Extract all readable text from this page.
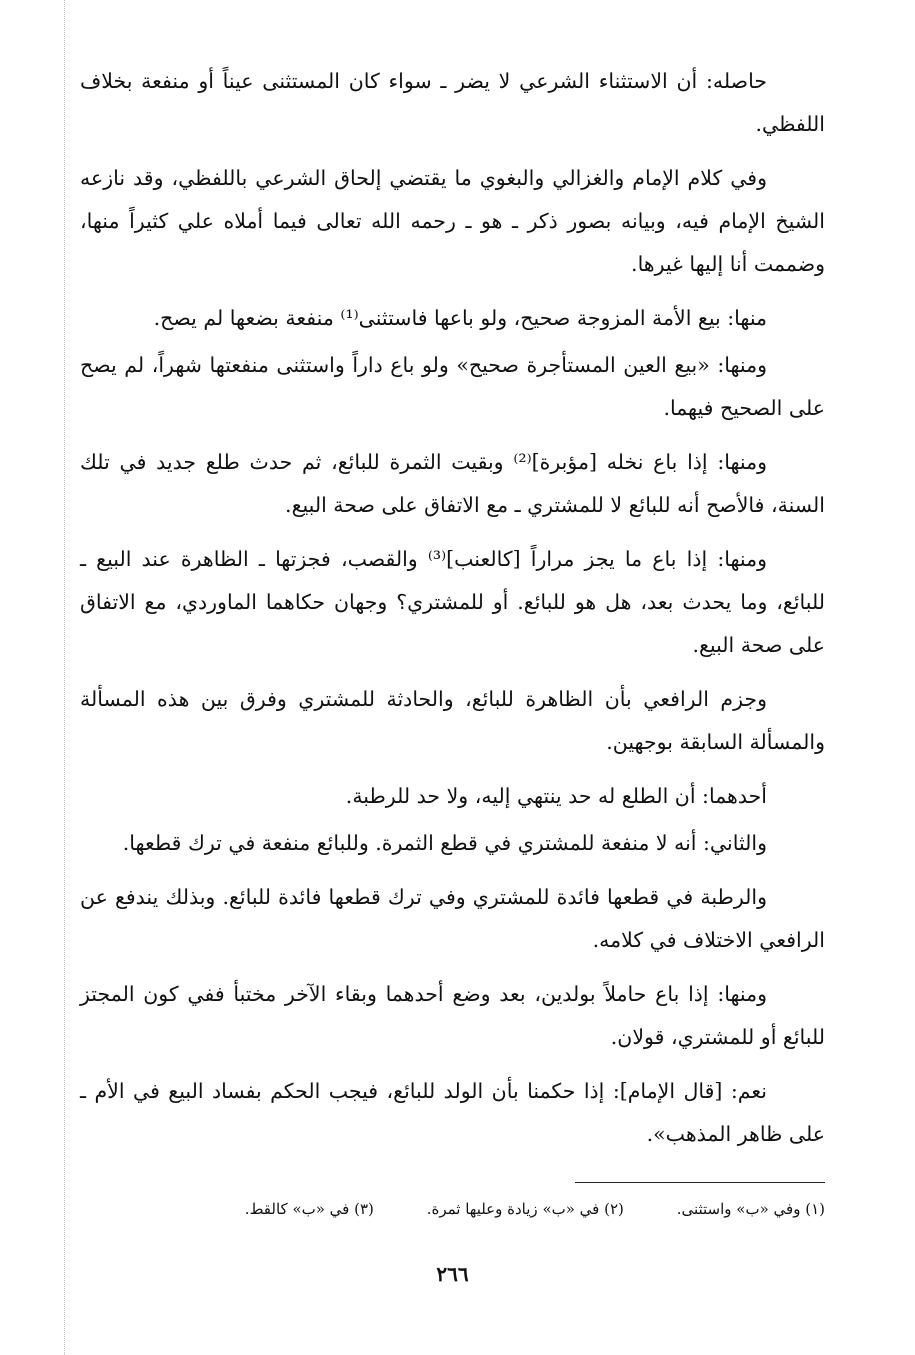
حاصله: أن الاستثناء الشرعي لا يضر ـ سواء كان المستثنى عيناً أو منفعة بخلاف اللفظي.

وفي كلام الإمام والغزالي والبغوي ما يقتضي إلحاق الشرعي باللفظي، وقد نازعه الشيخ الإمام فيه، وبيانه بصور ذكر ـ هو ـ رحمه الله تعالى فيما أملاه علي كثيراً منها، وضممت أنا إليها غيرها.

منها: بيع الأمة المزوجة صحيح، ولو باعها فاستثنى⁽¹⁾ منفعة بضعها لم يصح.

ومنها: «بيع العين المستأجرة صحيح» ولو باع داراً واستثنى منفعتها شهراً، لم يصح على الصحيح فيهما.

ومنها: إذا باع نخله [مؤبرة]⁽²⁾ وبقيت الثمرة للبائع، ثم حدث طلع جديد في تلك السنة، فالأصح أنه للبائع لا للمشتري ـ مع الاتفاق على صحة البيع.

ومنها: إذا باع ما يجز مراراً [كالعنب]⁽³⁾ والقصب، فجزتها ـ الظاهرة عند البيع ـ للبائع، وما يحدث بعد، هل هو للبائع. أو للمشتري؟ وجهان حكاهما الماوردي، مع الاتفاق على صحة البيع.

وجزم الرافعي بأن الظاهرة للبائع، والحادثة للمشتري وفرق بين هذه المسألة والمسألة السابقة بوجهين.

أحدهما: أن الطلع له حد ينتهي إليه، ولا حد للرطبة.

والثاني: أنه لا منفعة للمشتري في قطع الثمرة. وللبائع منفعة في ترك قطعها.

والرطبة في قطعها فائدة للمشتري وفي ترك قطعها فائدة للبائع. وبذلك يندفع عن الرافعي الاختلاف في كلامه.

ومنها: إذا باع حاملاً بولدين، بعد وضع أحدهما وبقاء الآخر مختبأ ففي كون المجتز للبائع أو للمشتري، قولان.

نعم: [قال الإمام]: إذا حكمنا بأن الولد للبائع، فيجب الحكم بفساد البيع في الأم ـ على ظاهر المذهب».

(١) وفي «ب» واستثنى. (٢) في «ب» زيادة وعليها ثمرة. (٣) في «ب» كالقط.
٢٦٦
